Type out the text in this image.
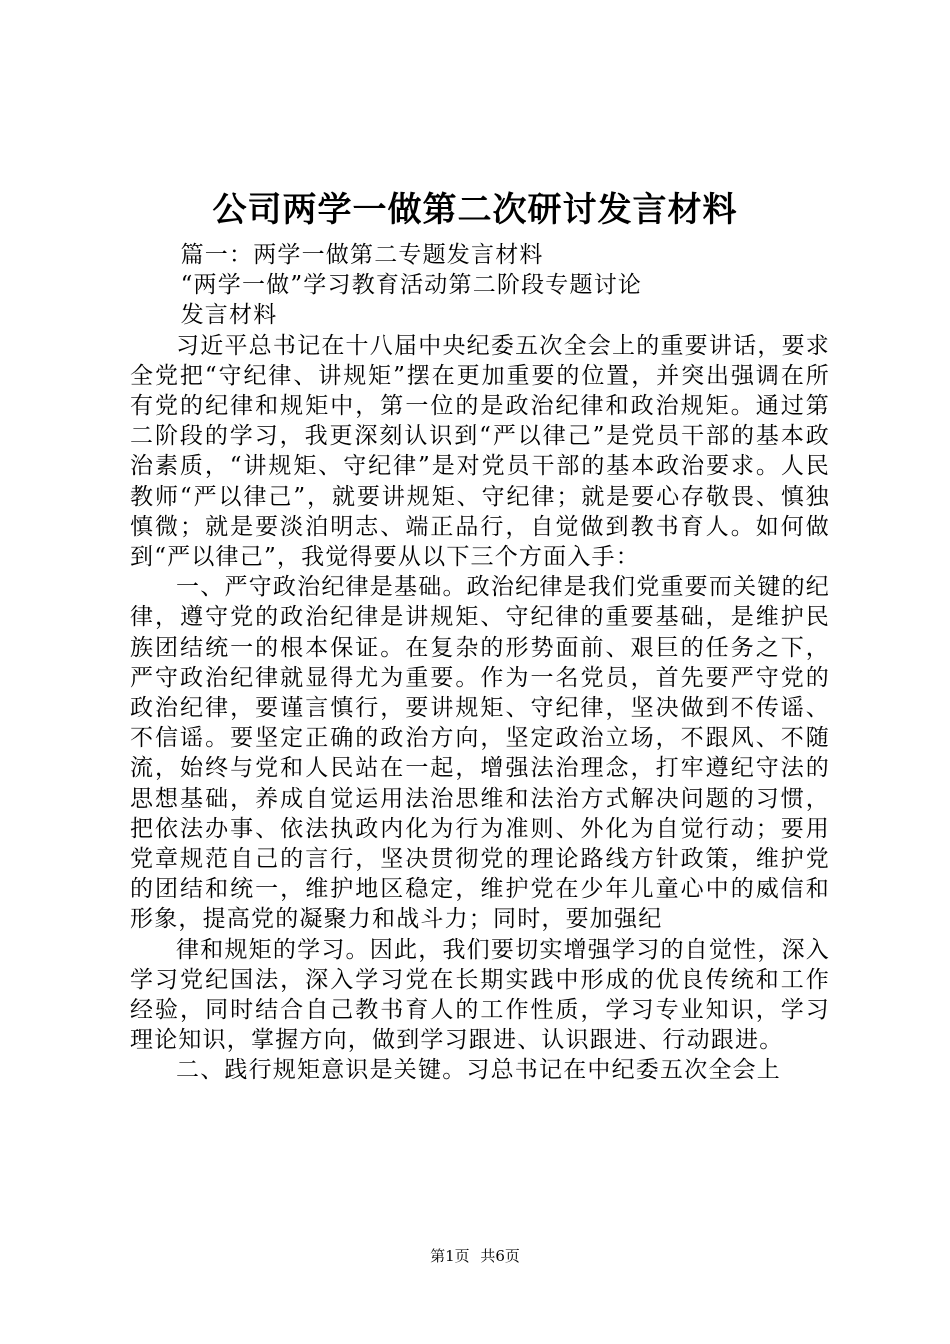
公司两学一做第二次研讨发言材料

篇一：两学一做第二专题发言材料

“两学一做”学习教育活动第二阶段专题讨论

发言材料

习近平总书记在十八届中央纪委五次全会上的重要讲话，要求全党把“守纪律、讲规矩”摆在更加重要的位置，并突出强调在所有党的纪律和规矩中，第一位的是政治纪律和政治规矩。通过第二阶段的学习，我更深刻认识到“严以律己”是党员干部的基本政治素质，“讲规矩、守纪律”是对党员干部的基本政治要求。人民教师“严以律己”，就要讲规矩、守纪律；就是要心存敬畏、慎独慎微；就是要淡泊明志、端正品行，自觉做到教书育人。如何做到“严以律己”，我觉得要从以下三个方面入手：

一、严守政治纪律是基础。政治纪律是我们党重要而关键的纪律，遵守党的政治纪律是讲规矩、守纪律的重要基础，是维护民族团结统一的根本保证。在复杂的形势面前、艰巨的任务之下，严守政治纪律就显得尤为重要。作为一名党员，首先要严守党的政治纪律，要谨言慎行，要讲规矩、守纪律，坚决做到不传谣、不信谣。要坚定正确的政治方向，坚定政治立场，不跟风、不随流，始终与党和人民站在一起，增强法治理念，打牢遵纪守法的思想基础，养成自觉运用法治思维和法治方式解决问题的习惯，把依法办事、依法执政内化为行为准则、外化为自觉行动；要用党章规范自己的言行，坚决贯彻党的理论路线方针政策，维护党的团结和统一，维护地区稳定，维护党在少年儿童心中的威信和形象，提高党的凝聚力和战斗力；同时，要加强纪

律和规矩的学习。因此，我们要切实增强学习的自觉性，深入学习党纪国法，深入学习党在长期实践中形成的优良传统和工作经验，同时结合自己教书育人的工作性质，学习专业知识，学习理论知识，掌握方向，做到学习跟进、认识跟进、行动跟进。

二、践行规矩意识是关键。习总书记在中纪委五次全会上

第1页 共6页
